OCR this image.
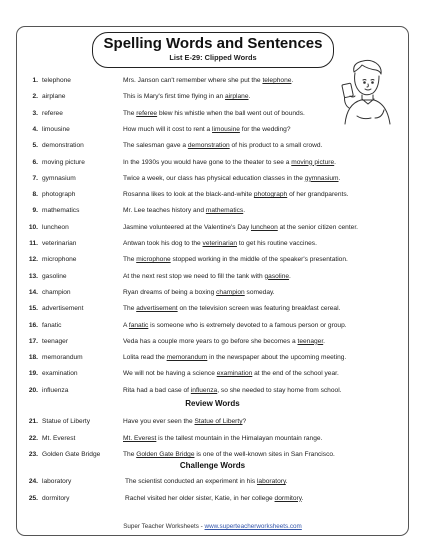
Spelling Words and Sentences
List E-29: Clipped Words
1. telephone	Mrs. Janson can't remember where she put the telephone.
2. airplane	This is Mary's first time flying in an airplane.
3. referee	The referee blew his whistle when the ball went out of bounds.
4. limousine	How much will it cost to rent a limousine for the wedding?
5. demonstration	The salesman gave a demonstration of his product to a small crowd.
6. moving picture	In the 1930s you would have gone to the theater to see a moving picture.
7. gymnasium	Twice a week, our class has physical education classes in the gymnasium.
8. photograph	Rosanna likes to look at the black-and-white photograph of her grandparents.
9. mathematics	Mr. Lee teaches history and mathematics.
10. luncheon	Jasmine volunteered at the Valentine's Day luncheon at the senior citizen center.
11. veterinarian	Antwan took his dog to the veterinarian to get his routine vaccines.
12. microphone	The microphone stopped working in the middle of the speaker's presentation.
13. gasoline	At the next rest stop we need to fill the tank with gasoline.
14. champion	Ryan dreams of being a boxing champion someday.
15. advertisement	The advertisement on the television screen was featuring breakfast cereal.
16. fanatic	A fanatic is someone who is extremely devoted to a famous person or group.
17. teenager	Veda has a couple more years to go before she becomes a teenager.
18. memorandum	Lolita read the memorandum in the newspaper about the upcoming meeting.
19. examination	We will not be having a science examination at the end of the school year.
20. influenza	Rita had a bad case of influenza, so she needed to stay home from school.
Review Words
21. Statue of Liberty	Have you ever seen the Statue of Liberty?
22. Mt. Everest	Mt. Everest is the tallest mountain in the Himalayan mountain range.
23. Golden Gate Bridge	The Golden Gate Bridge is one of the well-known sites in San Francisco.
Challenge Words
24. laboratory	The scientist conducted an experiment in his laboratory.
25. dormitory	Rachel visited her older sister, Katie, in her college dormitory.
Super Teacher Worksheets - www.superteacherworksheets.com
